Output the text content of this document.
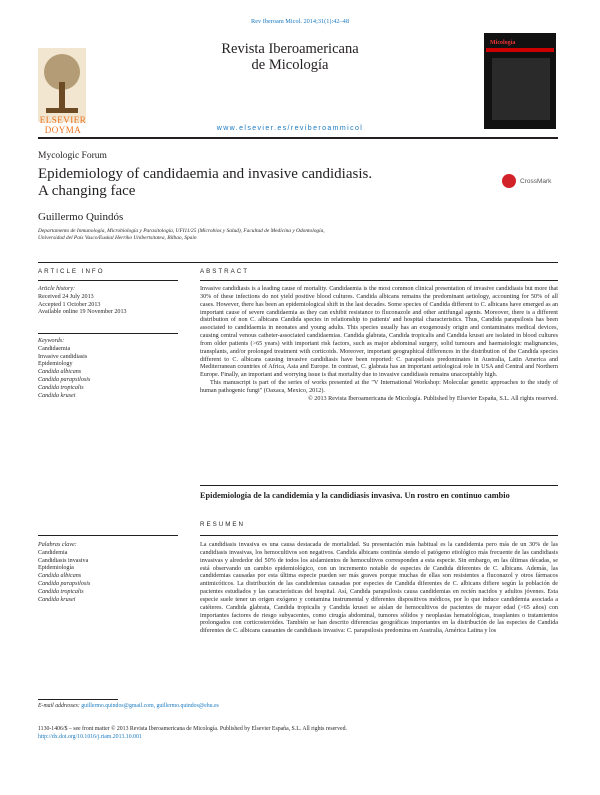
Rev Iberoam Micol. 2014;31(1):42–48
ELSEVIER
DOYMA
Revista Iberoamericana
de Micología
Micología
www.elsevier.es/reviberoammicol
Mycologic Forum
Epidemiology of candidaemia and invasive candidiasis.
A changing face
CrossMark
Guillermo Quindós
Departamento de Inmunología, Microbiología y Parasitología, UFI11/25 (Microbios y Salud), Facultad de Medicina y Odontología,
Universidad del País Vasco/Euskal Herriko Unibertsitatea, Bilbao, Spain
ARTICLE INFO	ABSTRACT
Article history:
Received 24 July 2013
Accepted 1 October 2013
Available online 19 November 2013
Keywords:
Candidaemia
Invasive candidiasis
Epidemiology
Candida albicans
Candida parapsilosis
Candida tropicalis
Candida krusei

Invasive candidiasis is a leading cause of mortality. Candidaemia is the most common clinical presentation of invasive candidiasis but more that 30% of these infections do not yield positive blood cultures. Candida albicans remains the predominant aetiology, accounting for 50% of all cases. However, there has been an epidemiological shift in the last decades. Some species of Candida different to C. albicans have emerged as an important cause of severe candidaemia as they can exhibit resistance to fluconazole and other antifungal agents. Moreover, there is a different distribution of non C. albicans Candida species in relationship to patients' and hospital characteristics. Thus, Candida parapsilosis has been associated to candidaemia in neonates and young adults. This species usually has an exogenously origin and contaminates medical devices, causing central venous catheter-associated candidaemias. Candida glabrata, Candida tropicalis and Candida krusei are isolated in blood cultures from older patients (>65 years) with important risk factors, such as major abdominal surgery, solid tumours and haematologic malignancies, transplants, and/or prolonged treatment with corticoids. Moreover, important geographical differences in the distribution of the Candida species different to C. albicans causing invasive candidiasis have been reported: C. parapsilosis predominates in Australia, Latin America and Mediterranean countries of Africa, Asia and Europe. In contrast, C. glabrata has an important aetiological role in USA and Central and Northern Europe. Finally, an important and worrying issue is that mortality due to invasive candidiasis remains unacceptably high.

This manuscript is part of the series of works presented at the "V International Workshop: Molecular genetic approaches to the study of human pathogenic fungi" (Oaxaca, Mexico, 2012).

© 2013 Revista Iberoamericana de Micología. Published by Elsevier España, S.L. All rights reserved.

Epidemiología de la candidemia y la candidiasis invasiva. Un rostro en continuo cambio
RESUMEN
Palabras clave:
Candidemia
Candidiasis invasiva
Epidemiología
Candida albicans
Candida parapsilosis
Candida tropicalis
Candida krusei

La candidiasis invasiva es una causa destacada de mortalidad. Su presentación más habitual es la candidemia pero más de un 30% de las candidiasis invasivas, los hemocultivos son negativos. Candida albicans continúa siendo el patógeno etiológico más frecuente de las candidiasis invasivas y alrededor del 50% de todos los aislamientos de hemocultivos corresponden a esta especie. Sin embargo, en las últimas décadas, se está observando un cambio epidemiológico, con un incremento notable de especies de Candida diferentes de C. albicans. Además, las candidemias causadas por esta última especie pueden ser más graves porque muchas de ellas son resistentes a fluconazol y otros fármacos antimicóticos. La distribución de las candidemias causadas por especies de Candida diferentes de C. albicans difiere según la población de pacientes estudiados y las características del hospital. Así, Candida parapsilosis causa candidemias en recién nacidos y adultos jóvenes. Esta especie suele tener un origen exógeno y contamina instrumental y diferentes dispositivos médicos, por lo que induce candidemia asociada a catéteres. Candida glabrata, Candida tropicalis y Candida krusei se aíslan de hemocultivos de pacientes de mayor edad (>65 años) con importantes factores de riesgo subyacentes, como cirugía abdominal, tumores sólidos y neoplasias hematológicas, trasplantes o tratamientos prolongados con corticosteroides. También se han descrito diferencias geográficas importantes en la distribución de las especies de Candida diferentes de C. albicans causantes de candidiasis invasiva: C. parapsilosis predomina en Australia, América Latina y los

E-mail addresses: guillermo.quindos@gmail.com, guillermo.quindos@ehu.es
1130-1406/$ – see front matter © 2013 Revista Iberoamericana de Micología. Published by Elsevier España, S.L. All rights reserved.
http://dx.doi.org/10.1016/j.riam.2013.10.001
